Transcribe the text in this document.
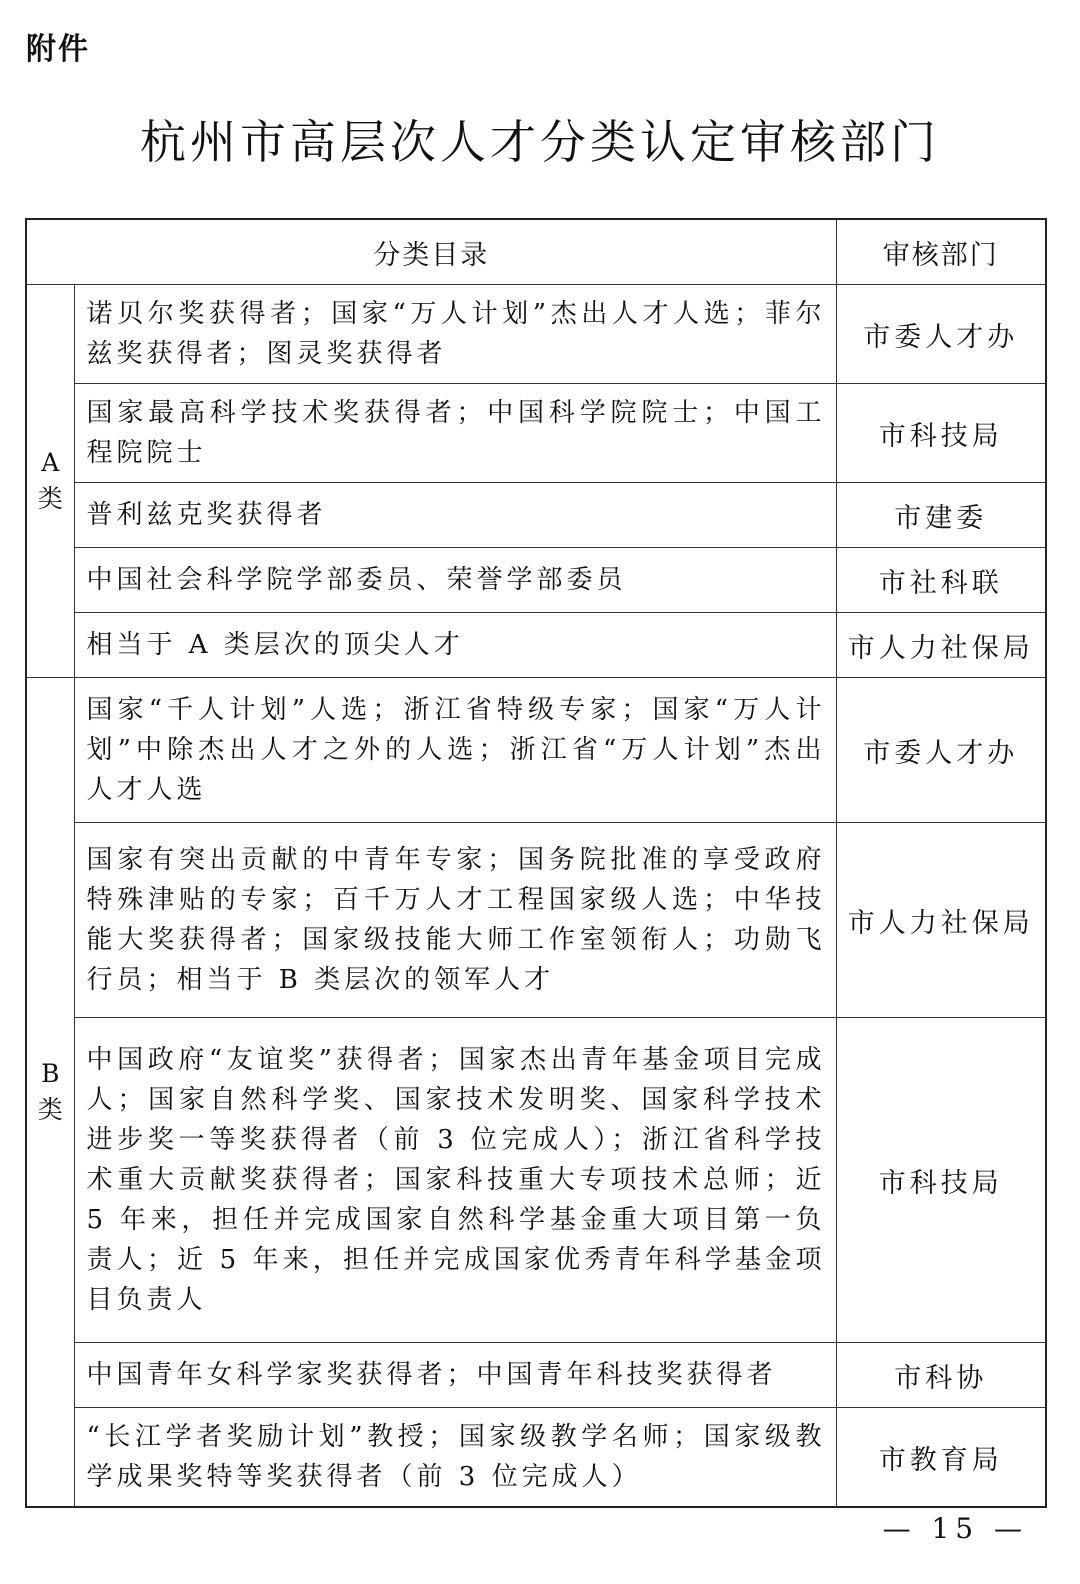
附件
杭州市高层次人才分类认定审核部门
分类目录		审核部门

A
类	诺贝尔奖获得者；国家“万人计划”杰出人才人选；菲尔兹奖获得者；图灵奖获得者	市委人才办
	国家最高科学技术奖获得者；中国科学院院士；中国工程院院士	市科技局
	普利兹克奖获得者	市建委
	中国社会科学院学部委员、荣誉学部委员	市社科联
	相当于 A 类层次的顶尖人才	市人力社保局

B
类	国家“千人计划”人选；浙江省特级专家；国家“万人计划”中除杰出人才之外的人选；浙江省“万人计划”杰出人才人选	市委人才办
	国家有突出贡献的中青年专家；国务院批准的享受政府特殊津贴的专家；百千万人才工程国家级人选；中华技能大奖获得者；国家级技能大师工作室领衔人；功勋飞行员；相当于 B 类层次的领军人才	市人力社保局
	中国政府“友谊奖”获得者；国家杰出青年基金项目完成人；国家自然科学奖、国家技术发明奖、国家科学技术进步奖一等奖获得者（前 3 位完成人）；浙江省科学技术重大贡献奖获得者；国家科技重大专项技术总师；近 5 年来，担任并完成国家自然科学基金重大项目第一负责人；近 5 年来，担任并完成国家优秀青年科学基金项目负责人	市科技局
	中国青年女科学家奖获得者；中国青年科技奖获得者	市科协
	“长江学者奖励计划”教授；国家级教学名师；国家级教学成果奖特等奖获得者（前 3 位完成人）	市教育局
— 15 —
